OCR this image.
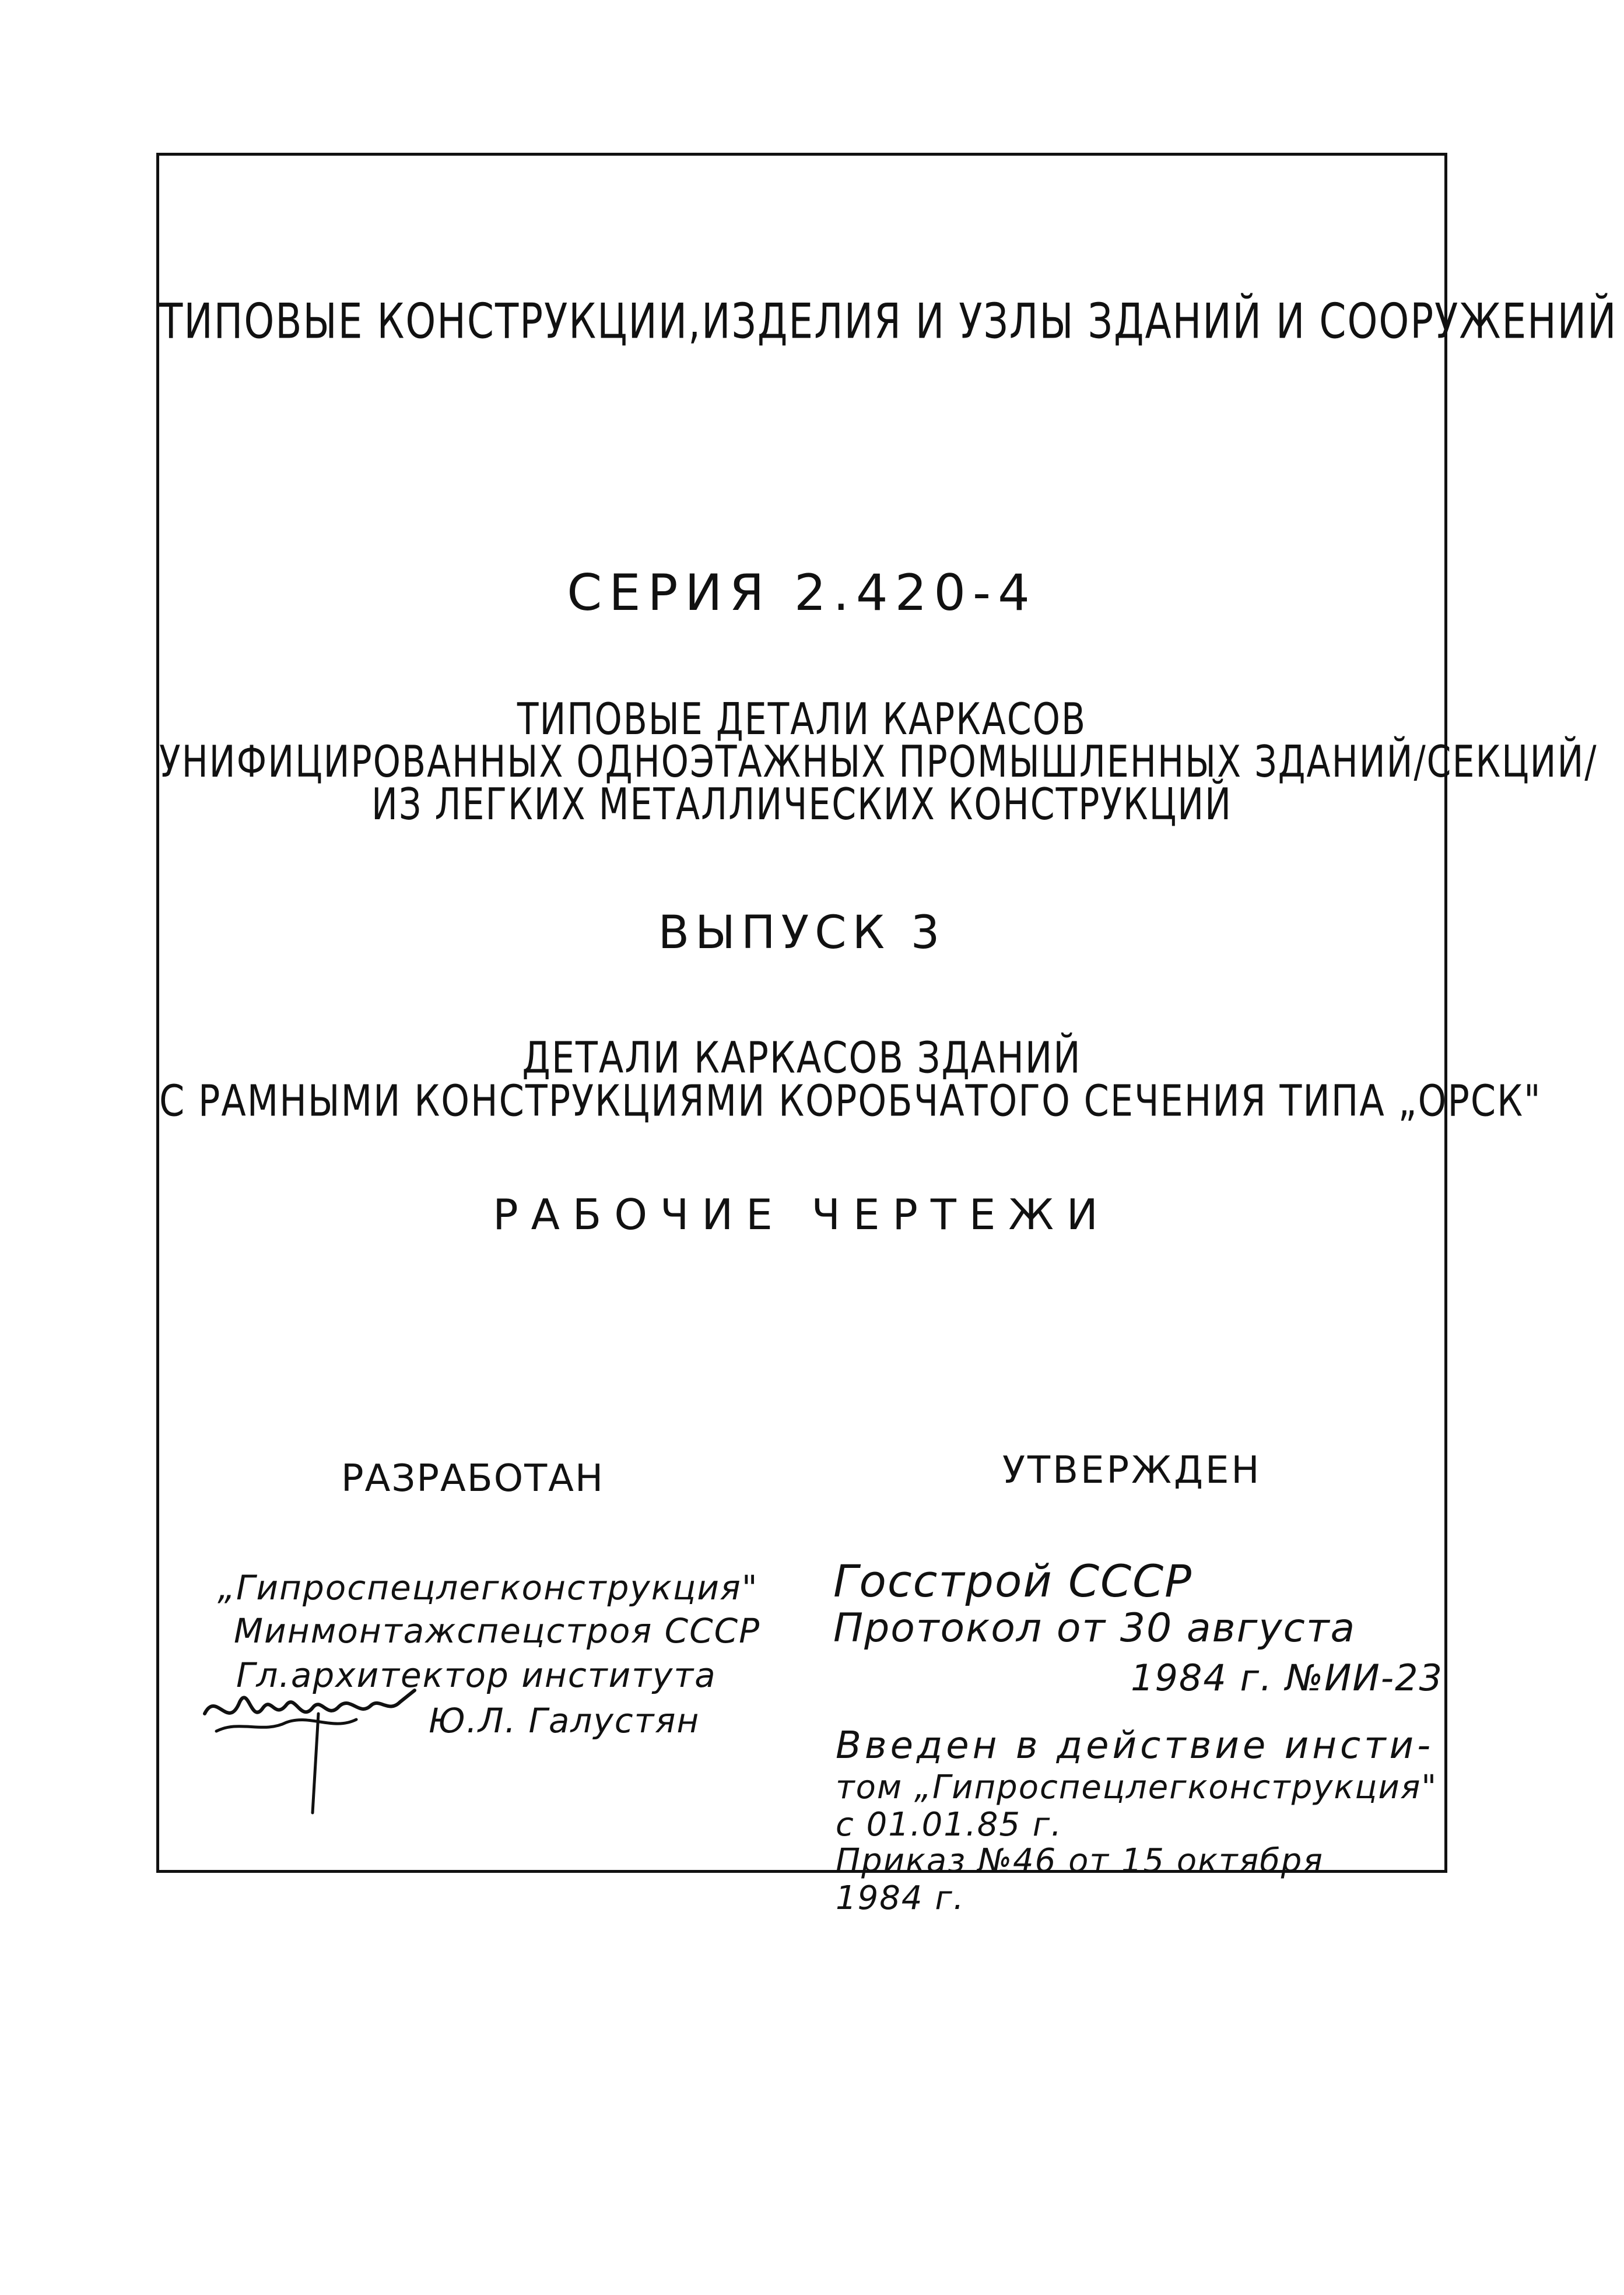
ТИПОВЫЕ КОНСТРУКЦИИ,ИЗДЕЛИЯ И УЗЛЫ ЗДАНИЙ И СООРУЖЕНИЙ
СЕРИЯ 2.420-4

ТИПОВЫЕ ДЕТАЛИ КАРКАСОВ

УНИФИЦИРОВАННЫХ ОДНОЭТАЖНЫХ ПРОМЫШЛЕННЫХ ЗДАНИЙ/СЕКЦИЙ/

ИЗ ЛЕГКИХ МЕТАЛЛИЧЕСКИХ КОНСТРУКЦИЙ

ВЫПУСК 3

ДЕТАЛИ КАРКАСОВ ЗДАНИЙ

С РАМНЫМИ КОНСТРУКЦИЯМИ КОРОБЧАТОГО СЕЧЕНИЯ ТИПА „ОРСК"

РАБОЧИЕ ЧЕРТЕЖИ

РАЗРАБОТАН	УТВЕРЖДЕН

„Гипроспецлегконструкция"

Минмонтажспецстроя СССР

Гл.архитектор института

Ю.Л. Галустян

Госстрой СССР

Протокол от 30 августа

1984 г. №ИИ-23

Введен в действие инсти-

том „Гипроспецлегконструкция"

с 01.01.85 г.

Приказ №46 от 15 октября

1984 г.
